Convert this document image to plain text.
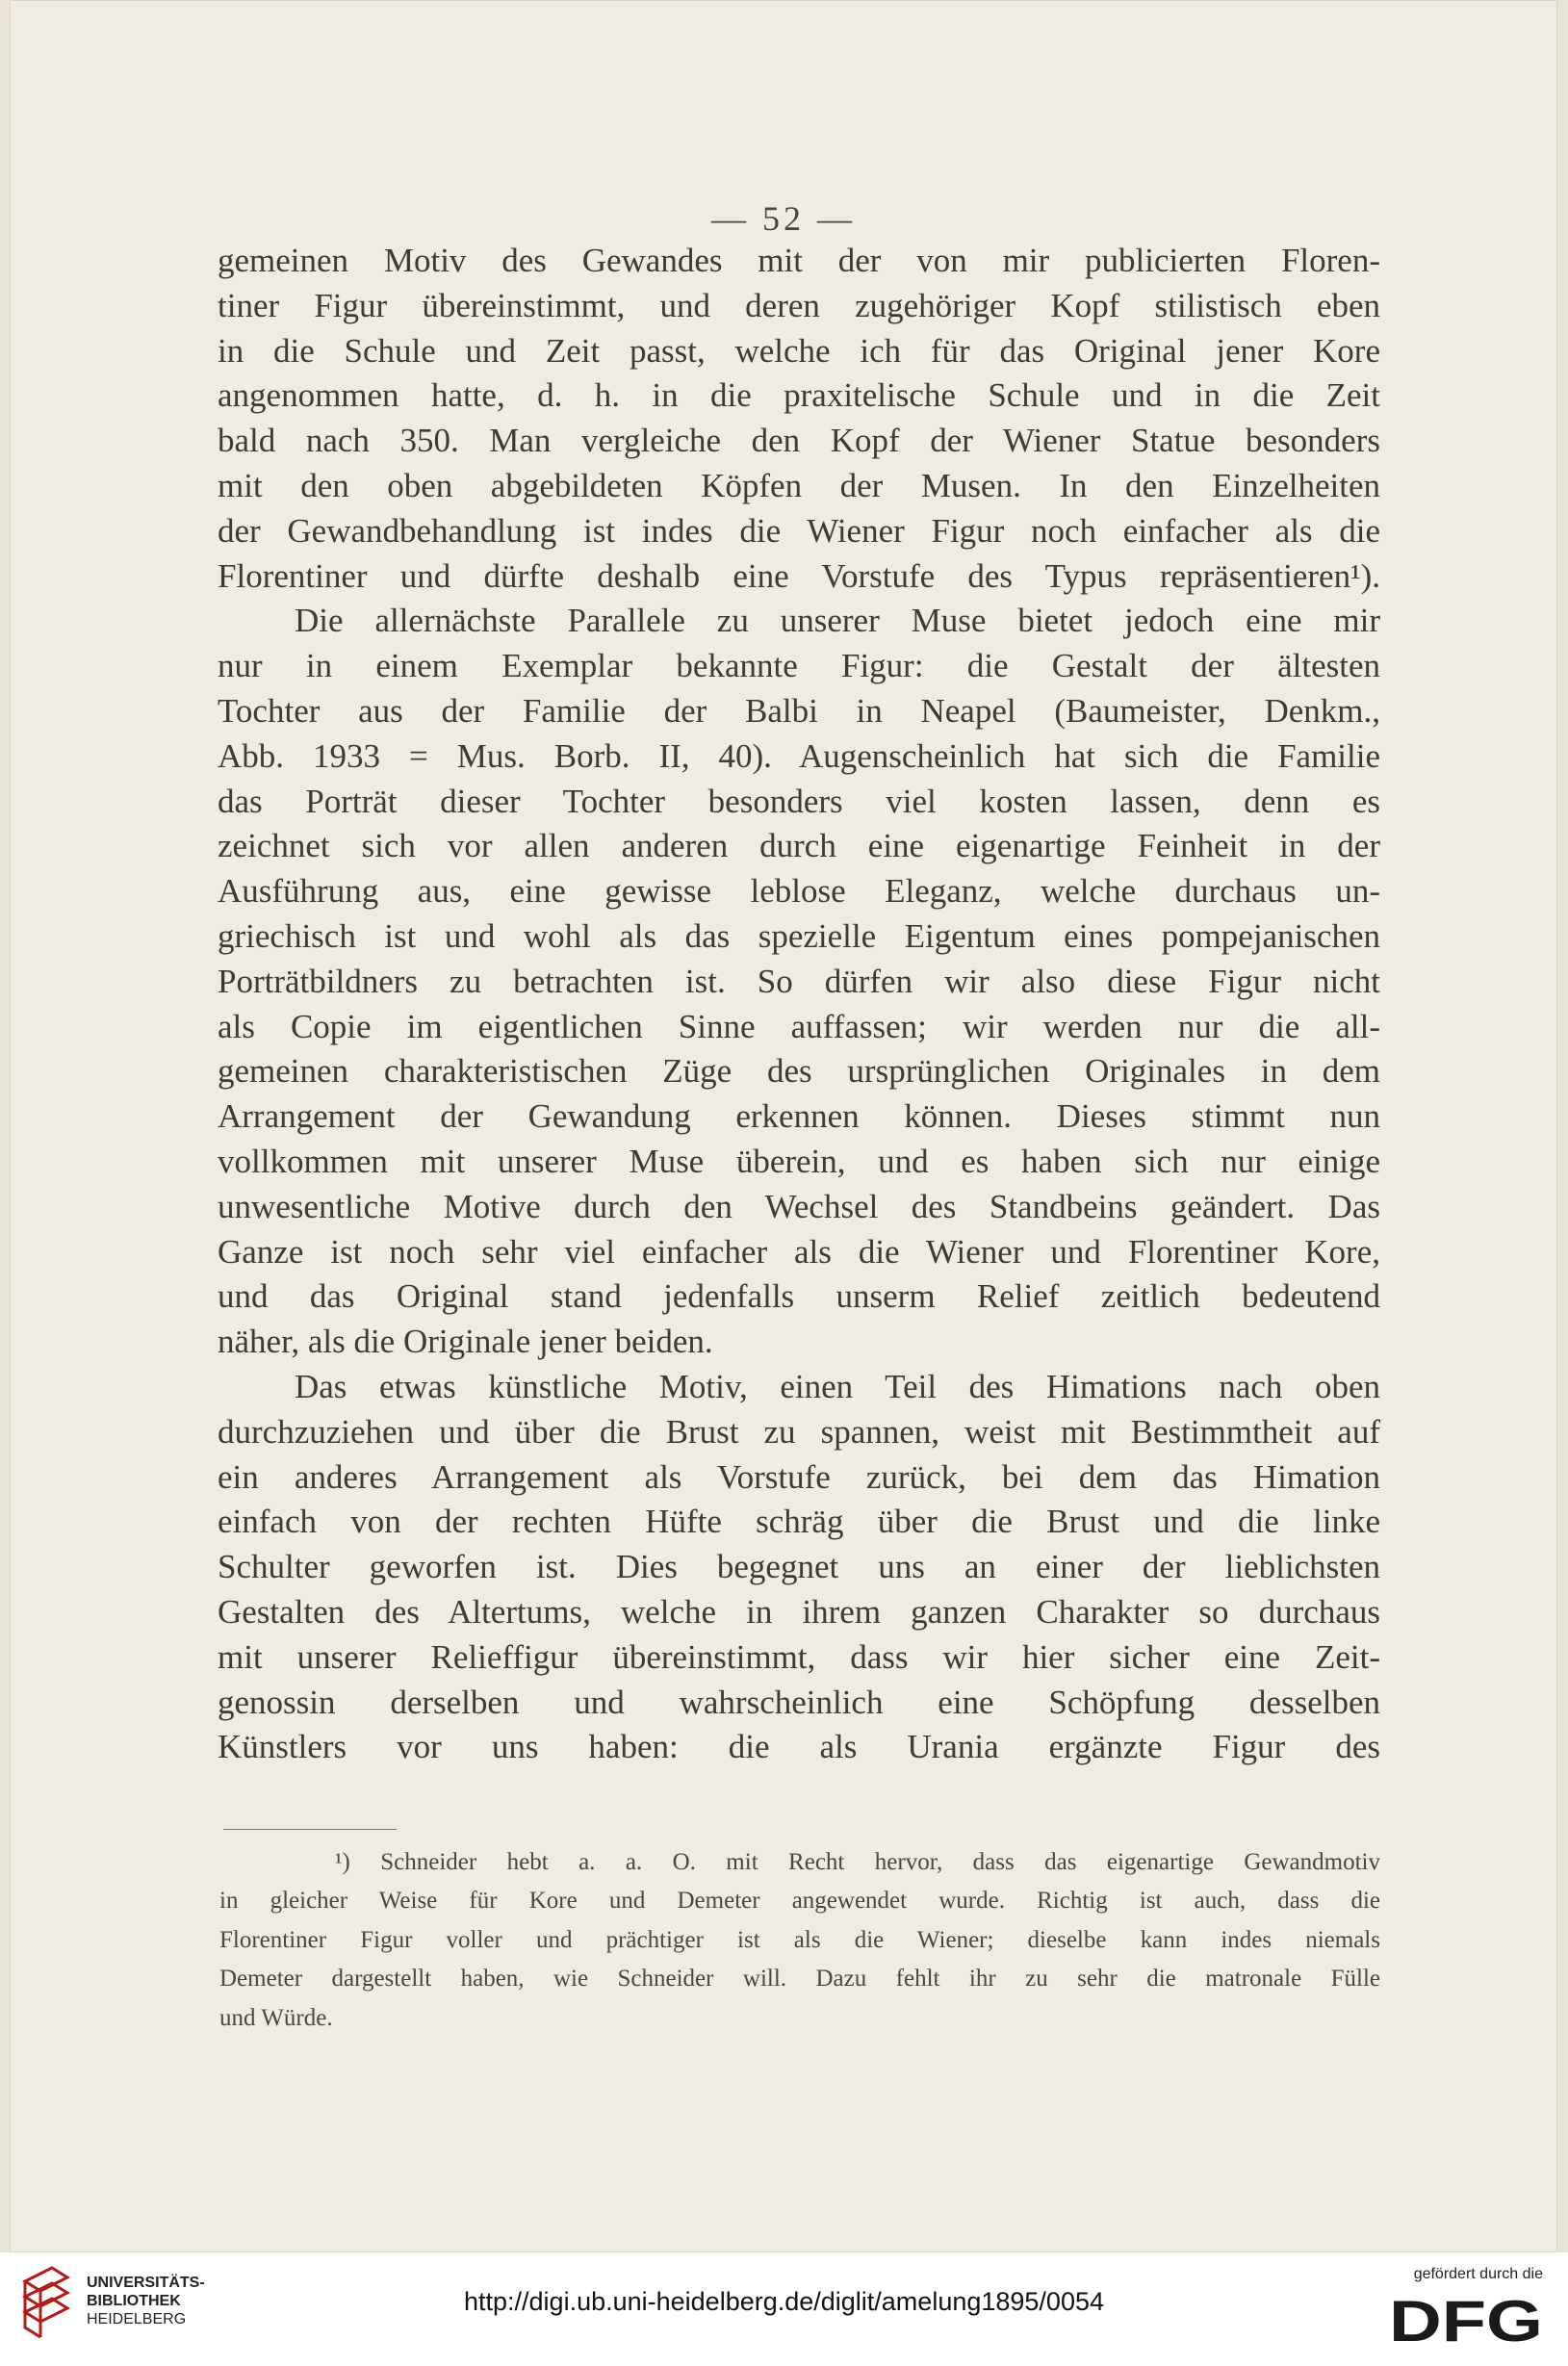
— 52 —

gemeinen Motiv des Gewandes mit der von mir publicierten Floren-
tiner Figur übereinstimmt, und deren zugehöriger Kopf stilistisch eben
in die Schule und Zeit passt, welche ich für das Original jener Kore
angenommen hatte, d. h. in die praxitelische Schule und in die Zeit
bald nach 350. Man vergleiche den Kopf der Wiener Statue besonders
mit den oben abgebildeten Köpfen der Musen. In den Einzelheiten
der Gewandbehandlung ist indes die Wiener Figur noch einfacher als die
Florentiner und dürfte deshalb eine Vorstufe des Typus repräsentieren¹).
Die allernächste Parallele zu unserer Muse bietet jedoch eine mir
nur in einem Exemplar bekannte Figur: die Gestalt der ältesten
Tochter aus der Familie der Balbi in Neapel (Baumeister, Denkm.,
Abb. 1933 = Mus. Borb. II, 40). Augenscheinlich hat sich die Familie
das Porträt dieser Tochter besonders viel kosten lassen, denn es
zeichnet sich vor allen anderen durch eine eigenartige Feinheit in der
Ausführung aus, eine gewisse leblose Eleganz, welche durchaus un-
griechisch ist und wohl als das spezielle Eigentum eines pompejanischen
Porträtbildners zu betrachten ist. So dürfen wir also diese Figur nicht
als Copie im eigentlichen Sinne auffassen; wir werden nur die all-
gemeinen charakteristischen Züge des ursprünglichen Originales in dem
Arrangement der Gewandung erkennen können. Dieses stimmt nun
vollkommen mit unserer Muse überein, und es haben sich nur einige
unwesentliche Motive durch den Wechsel des Standbeins geändert. Das
Ganze ist noch sehr viel einfacher als die Wiener und Florentiner Kore,
und das Original stand jedenfalls unserm Relief zeitlich bedeutend
näher, als die Originale jener beiden.
Das etwas künstliche Motiv, einen Teil des Himations nach oben
durchzuziehen und über die Brust zu spannen, weist mit Bestimmtheit auf
ein anderes Arrangement als Vorstufe zurück, bei dem das Himation
einfach von der rechten Hüfte schräg über die Brust und die linke
Schulter geworfen ist. Dies begegnet uns an einer der lieblichsten
Gestalten des Altertums, welche in ihrem ganzen Charakter so durchaus
mit unserer Relieffigur übereinstimmt, dass wir hier sicher eine Zeit-
genossin derselben und wahrscheinlich eine Schöpfung desselben
Künstlers vor uns haben: die als Urania ergänzte Figur des
¹) Schneider hebt a. a. O. mit Recht hervor, dass das eigenartige Gewandmotiv
in gleicher Weise für Kore und Demeter angewendet wurde. Richtig ist auch, dass die
Florentiner Figur voller und prächtiger ist als die Wiener; dieselbe kann indes niemals
Demeter dargestellt haben, wie Schneider will. Dazu fehlt ihr zu sehr die matronale Fülle
und Würde.
UNIVERSITÄTS-
BIBLIOTHEK
HEIDELBERG
http://digi.ub.uni-heidelberg.de/diglit/amelung1895/0054
gefördert durch die
DFG
